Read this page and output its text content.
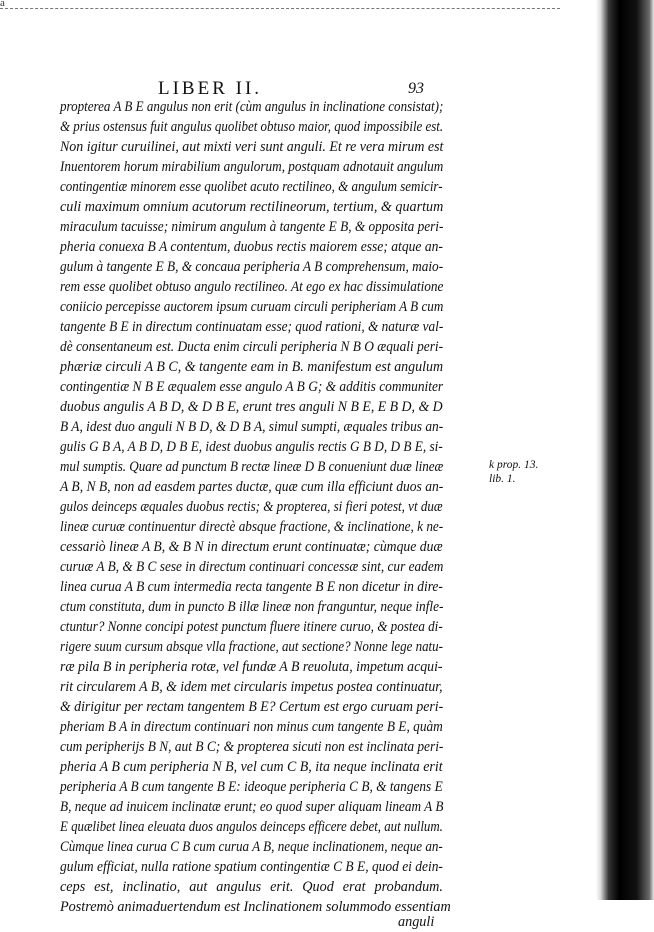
a
LIBER II.	93
propterea A B E angulus non erit (cùm angulus in inclinatione consistat);
& prius ostensus fuit angulus quolibet obtuso maior, quod impossibile est.
Non igitur curuilinei, aut mixti veri sunt anguli. Et re vera mirum est
Inuentorem horum mirabilium angulorum, postquam adnotauit angulum
contingentiæ minorem esse quolibet acuto rectilineo, & angulum semicir-
culi maximum omnium acutorum rectilineorum, tertium, & quartum
miraculum tacuisse; nimirum angulum à tangente E B, & opposita peri-
pheria conuexa B A contentum, duobus rectis maiorem esse; atque an-
gulum à tangente E B, & concaua peripheria A B comprehensum, maio-
rem esse quolibet obtuso angulo rectilineo. At ego ex hac dissimulatione
coniicio percepisse auctorem ipsum curuam circuli peripheriam A B cum
tangente B E in directum continuatam esse; quod rationi, & naturæ val-
dè consentaneum est. Ducta enim circuli peripheria N B O æquali peri-
phæriæ circuli A B C, & tangente eam in B. manifestum est angulum
contingentiæ N B E æqualem esse angulo A B G; & additis communiter
duobus angulis A B D, & D B E, erunt tres anguli N B E, E B D, & D
B A, idest duo anguli N B D, & D B A, simul sumpti, æquales tribus an-
gulis G B A, A B D, D B E, idest duobus angulis rectis G B D, D B E, si-
mul sumptis. Quare ad punctum B rectæ lineæ D B conueniunt duæ lineæ
A B, N B, non ad easdem partes ductæ, quæ cum illa efficiunt duos an-
gulos deinceps æquales duobus rectis; & propterea, si fieri potest, vt duæ
lineæ curuæ continuentur directè absque fractione, & inclinatione, k ne-
cessariò lineæ A B, & B N in directum erunt continuatæ; cùmque duæ
curuæ A B, & B C sese in directum continuari concessæ sint, cur eadem
linea curua A B cum intermedia recta tangente B E non dicetur in dire-
ctum constituta, dum in puncto B illæ lineæ non franguntur, neque infle-
ctuntur? Nonne concipi potest punctum fluere itinere curuo, & postea di-
rigere suum cursum absque vlla fractione, aut sectione? Nonne lege natu-
ræ pila B in peripheria rotæ, vel fundæ A B reuoluta, impetum acqui-
rit circularem A B, & idem met circularis impetus postea continuatur,
& dirigitur per rectam tangentem B E? Certum est ergo curuam peri-
pheriam B A in directum continuari non minus cum tangente B E, quàm
cum peripherijs B N, aut B C; & propterea sicuti non est inclinata peri-
pheria A B cum peripheria N B, vel cum C B, ita neque inclinata erit
peripheria A B cum tangente B E: ideoque peripheria C B, & tangens E
B, neque ad inuicem inclinatæ erunt; eo quod super aliquam lineam A B
E quælibet linea eleuata duos angulos deinceps efficere debet, aut nullum.
Cùmque linea curua C B cum curua A B, neque inclinationem, neque an-
gulum efficiat, nulla ratione spatium contingentiæ C B E, quod ei dein-
ceps est, inclinatio, aut angulus erit. Quod erat probandum.
Postremò animaduertendum est Inclinationem solummodo essentiam
anguli
k prop. 13.
lib. 1.
